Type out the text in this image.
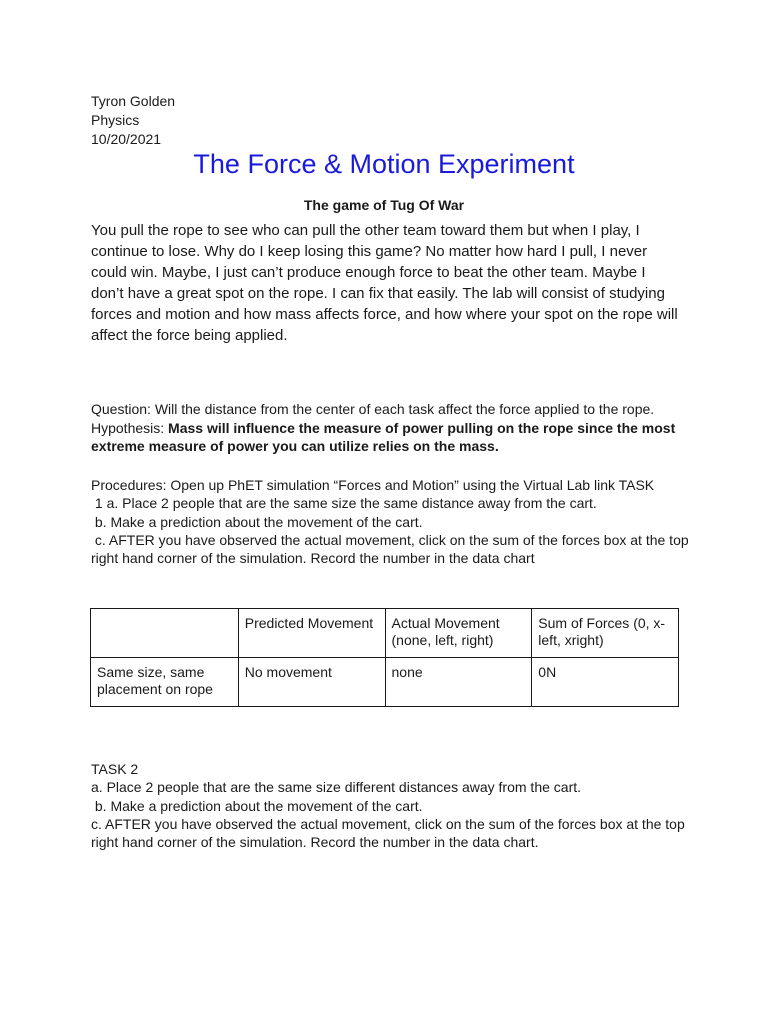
Tyron Golden
Physics
10/20/2021
The Force & Motion Experiment
The game of Tug Of War

You pull the rope to see who can pull the other team toward them but when I play, I continue to lose. Why do I keep losing this game? No matter how hard I pull, I never could win. Maybe, I just can’t produce enough force to beat the other team. Maybe I don’t have a great spot on the rope. I can fix that easily. The lab will consist of studying forces and motion and how mass affects force, and how where your spot on the rope will affect the force being applied.

Question: Will the distance from the center of each task affect the force applied to the rope.

Hypothesis: Mass will influence the measure of power pulling on the rope since the most extreme measure of power you can utilize relies on the mass.

Procedures: Open up PhET simulation “Forces and Motion” using the Virtual Lab link TASK
1 a. Place 2 people that are the same size the same distance away from the cart.
b. Make a prediction about the movement of the cart.
c. AFTER you have observed the actual movement, click on the sum of the forces box at the top right hand corner of the simulation. Record the number in the data chart
	Predicted Movement	Actual Movement (none, left, right)	Sum of Forces (0, x-left, xright)
Same size, same placement on rope	No movement	none	0N
TASK 2
a. Place 2 people that are the same size different distances away from the cart.
b. Make a prediction about the movement of the cart.
c. AFTER you have observed the actual movement, click on the sum of the forces box at the top right hand corner of the simulation. Record the number in the data chart.
